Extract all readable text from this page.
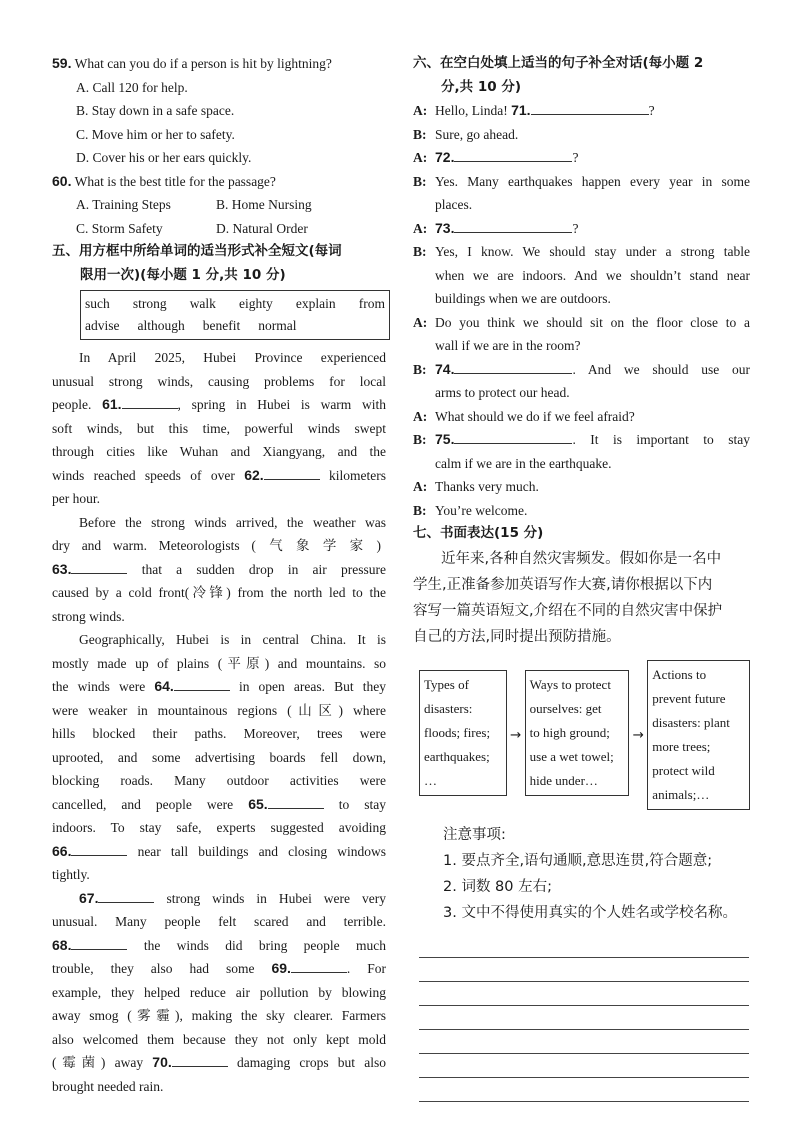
59. What can you do if a person is hit by lightning?
A. Call 120 for help.
B. Stay down in a safe space.
C. Move him or her to safety.
D. Cover his or her ears quickly.
60. What is the best title for the passage?
A. Training Steps	B. Home Nursing
C. Storm Safety	D. Natural Order
五、用方框中所给单词的适当形式补全短文(每词
限用一次)(每小题 1 分,共 10 分)
such strong walk eighty explain from
advise although benefit normal
In April 2025, Hubei Province experienced
unusual strong winds, causing problems for local
people. 61.	, spring in Hubei is warm with
soft winds, but this time, powerful winds swept
through cities like Wuhan and Xiangyang, and the
winds reached speeds of over 62.	kilometers
per hour.
Before the strong winds arrived, the weather was
dry and warm. Meteorologists (气象学家)
63.	that a sudden drop in air pressure
caused by a cold front(冷锋) from the north led to the
strong winds.
Geographically, Hubei is in central China. It is
mostly made up of plains (平原) and mountains. so
the winds were 64.	in open areas. But they
were weaker in mountainous regions (山区) where
hills blocked their paths. Moreover, trees were
uprooted, and some advertising boards fell down,
blocking roads. Many outdoor activities were
cancelled, and people were 65.	to stay
indoors. To stay safe, experts suggested avoiding
66.	near tall buildings and closing windows
tightly.
67.	strong winds in Hubei were very
unusual. Many people felt scared and terrible.
68.	the winds did bring people much
trouble, they also had some 69.	. For
example, they helped reduce air pollution by blowing
away smog (雾霾), making the sky clearer. Farmers
also welcomed them because they not only kept mold
(霉菌) away 70.	damaging crops but also
brought needed rain.
六、在空白处填上适当的句子补全对话(每小题 2
分,共 10 分)
A: Hello, Linda! 71.	?
B: Sure, go ahead.
A: 72.	?
B: Yes. Many earthquakes happen every year in some
places.
A: 73.	?
B: Yes, I know. We should stay under a strong table
when we are indoors. And we shouldn’t stand near
buildings when we are outdoors.
A: Do you think we should sit on the floor close to a
wall if we are in the room?
B: 74.	. And we should use our
arms to protect our head.
A: What should we do if we feel afraid?
B: 75.	. It is important to stay
calm if we are in the earthquake.
A: Thanks very much.
B: You’re welcome.
七、书面表达(15 分)
近年来,各种自然灾害频发。假如你是一名中
学生,正准备参加英语写作大赛,请你根据以下内
容写一篇英语短文,介绍在不同的自然灾害中保护
自己的方法,同时提出预防措施。
Types of
disasters:
floods; fires;
earthquakes;
…
→
Ways to protect
ourselves: get
to high ground;
use a wet towel;
hide under…
→
Actions to
prevent future
disasters: plant
more trees;
protect wild
animals;…
注意事项:
1. 要点齐全,语句通顺,意思连贯,符合题意;
2. 词数 80 左右;
3. 文中不得使用真实的个人姓名或学校名称。
